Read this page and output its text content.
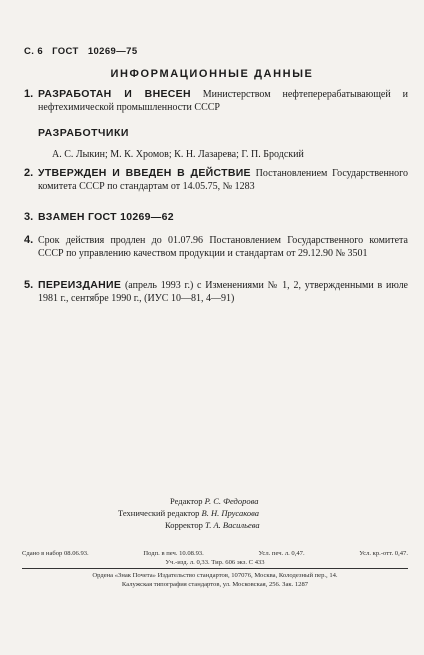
С. 6 ГОСТ 10269—75
ИНФОРМАЦИОННЫЕ ДАННЫЕ
1. РАЗРАБОТАН И ВНЕСЕН Министерством нефтеперерабатывающей и нефтехимической промышленности СССР
РАЗРАБОТЧИКИ
А. С. Лыкин; М. К. Хромов; К. Н. Лазарева; Г. П. Бродский
2. УТВЕРЖДЕН И ВВЕДЕН В ДЕЙСТВИЕ Постановлением Государственного комитета СССР по стандартам от 14.05.75, № 1283
3. ВЗАМЕН ГОСТ 10269—62
4. Срок действия продлен до 01.07.96 Постановлением Государственного комитета СССР по управлению качеством продукции и стандартам от 29.12.90 № 3501
5. ПЕРЕИЗДАНИЕ (апрель 1993 г.) с Изменениями № 1, 2, утвержденными в июле 1981 г., сентябре 1990 г., (ИУС 10—81, 4—91)
Редактор Р. С. Федорова
Технический редактор В. Н. Прусакова
Корректор Т. А. Васильева
Сдано в набор 08.06.93.	Подп. в печ. 10.08.93.	Усл. печ. л. 0,47.	Усл. кр.-отт. 0,47.
Уч.-изд. л. 0,33. Тир. 606 экз. С 433
Ордена «Знак Почета» Издательство стандартов, 107076, Москва, Колодезный пер., 14.
Калужская типография стандартов, ул. Московская, 256. Зак. 1287
